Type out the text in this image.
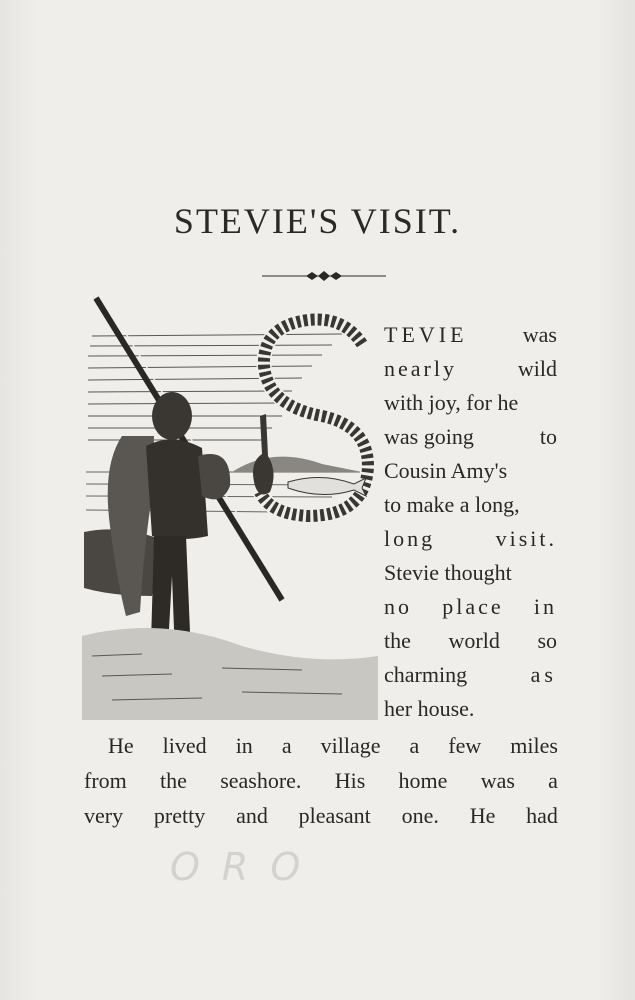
STEVIE'S VISIT.
TEVIE	was
nearly	wild
with joy, for he
was going	to
Cousin Amy's
to make a long,
long	visit.
Stevie thought
no place in
the world so
charming	as
her house.
He lived in a village a few miles
from the seashore. His home was a
very pretty and pleasant one. He had
ORO
